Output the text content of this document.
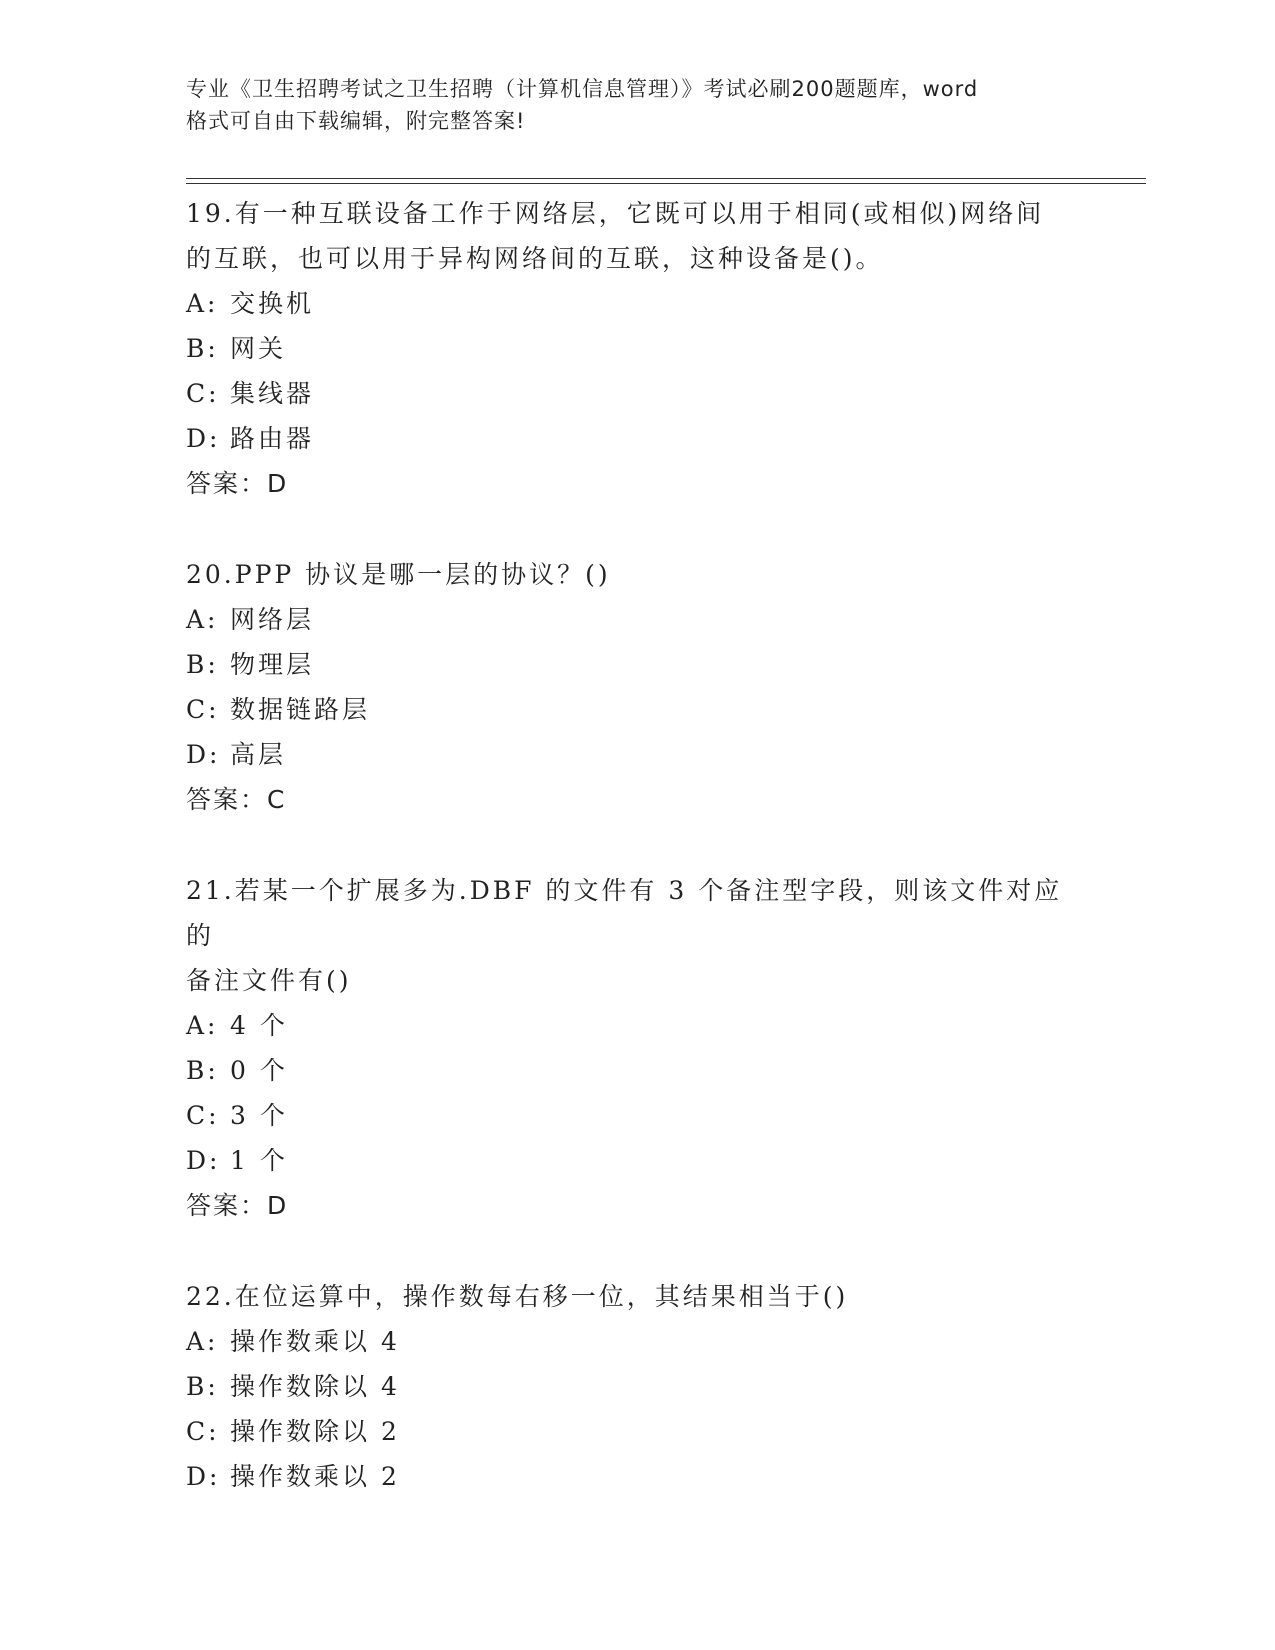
专业《卫生招聘考试之卫生招聘（计算机信息管理）》考试必刷200题题库，word
格式可自由下载编辑，附完整答案!

19.有一种互联设备工作于网络层，它既可以用于相同(或相似)网络间

的互联，也可以用于异构网络间的互联，这种设备是()。

A: 交换机

B: 网关

C: 集线器

D: 路由器

答案：D

20.PPP 协议是哪一层的协议？()

A: 网络层

B: 物理层

C: 数据链路层

D: 高层

答案：C

21.若某一个扩展多为.DBF 的文件有 3 个备注型字段，则该文件对应的

备注文件有()

A: 4 个

B: 0 个

C: 3 个

D: 1 个

答案：D

22.在位运算中，操作数每右移一位，其结果相当于()

A: 操作数乘以 4

B: 操作数除以 4

C: 操作数除以 2

D: 操作数乘以 2
